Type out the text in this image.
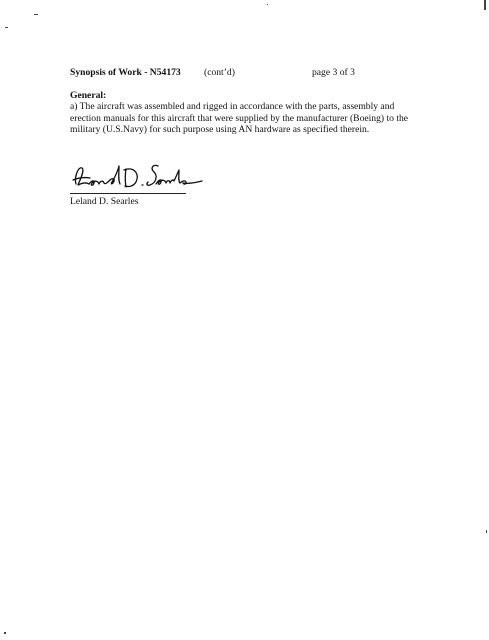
Synopsis of Work - N54173 (cont’d)	page 3 of 3
General:
a) The aircraft was assembled and rigged in accordance with the parts, assembly and
erection manuals for this aircraft that were supplied by the manufacturer (Boeing) to the
military (U.S.Navy) for such purpose using AN hardware as specified therein.
Leland D. Searles
